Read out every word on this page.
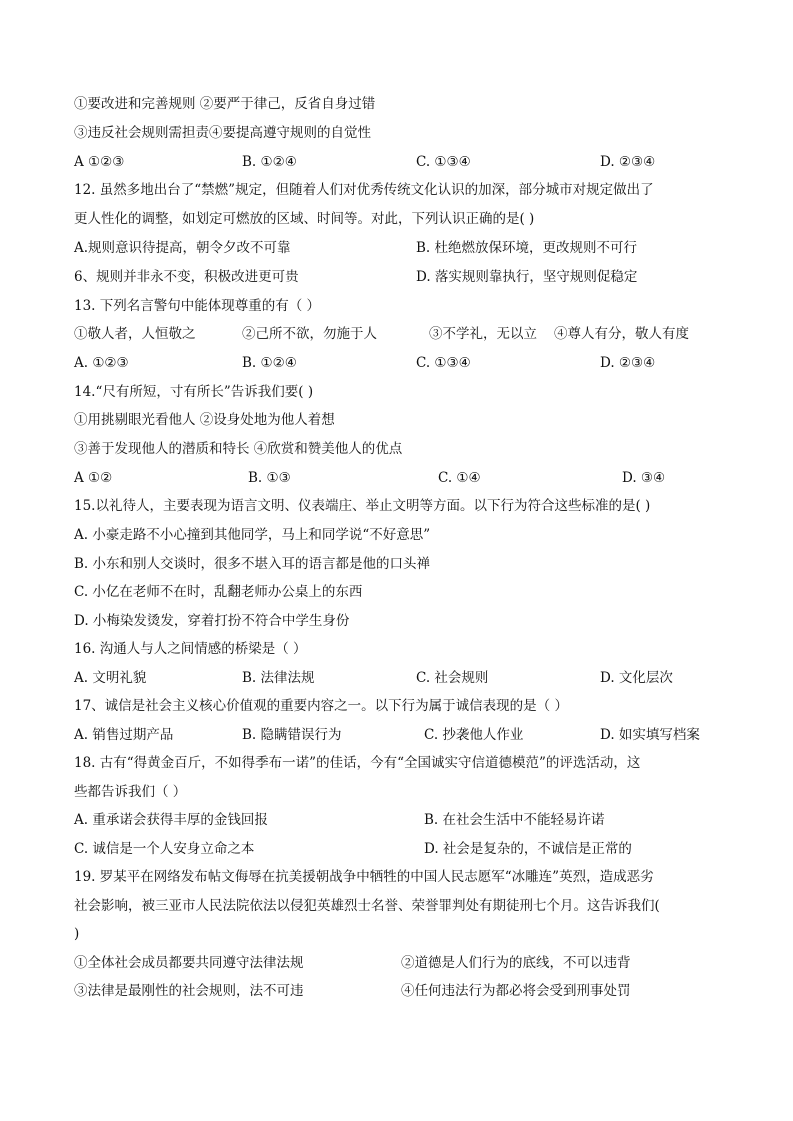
①要改进和完善规则 ②要严于律己，反省自身过错
③违反社会规则需担责④要提高遵守规则的自觉性
A ①②③	B. ①②④	C. ①③④	D. ②③④
12. 虽然多地出台了“禁燃”规定，但随着人们对优秀传统文化认识的加深，部分城市对规定做出了
更人性化的调整，如划定可燃放的区域、时间等。对此，下列认识正确的是( )
A.规则意识待提高，朝令夕改不可靠	B. 杜绝燃放保环境，更改规则不可行
6、规则并非永不变，积极改进更可贵	D. 落实规则靠执行，坚守规则促稳定
13. 下列名言警句中能体现尊重的有（ ）
①敬人者，人恒敬之	②己所不欲，勿施于人	③不学礼，无以立 ④尊人有分，敬人有度
A. ①②③	B. ①②④	C. ①③④	D. ②③④
14.“尺有所短，寸有所长”告诉我们要( )
①用挑剔眼光看他人 ②设身处地为他人着想
③善于发现他人的潜质和特长 ④欣赏和赞美他人的优点
A ①②	B. ①③	C. ①④	D. ③④
15.以礼待人，主要表现为语言文明、仪表端庄、举止文明等方面。以下行为符合这些标准的是( )
A. 小豪走路不小心撞到其他同学，马上和同学说“不好意思”
B. 小东和别人交谈时，很多不堪入耳的语言都是他的口头禅
C. 小亿在老师不在时，乱翻老师办公桌上的东西
D. 小梅染发烫发，穿着打扮不符合中学生身份
16. 沟通人与人之间情感的桥梁是（ ）
A. 文明礼貌	B. 法律法规	C. 社会规则	D. 文化层次
17、诚信是社会主义核心价值观的重要内容之一。以下行为属于诚信表现的是（ ）
A. 销售过期产品	B. 隐瞒错误行为	C. 抄袭他人作业	D. 如实填写档案
18. 古有“得黄金百斤，不如得季布一诺”的佳话，今有“全国诚实守信道德模范”的评选活动，这
些都告诉我们（ ）
A. 重承诺会获得丰厚的金钱回报	B. 在社会生活中不能轻易许诺
C. 诚信是一个人安身立命之本	D. 社会是复杂的，不诚信是正常的
19. 罗某平在网络发布帖文侮辱在抗美援朝战争中牺牲的中国人民志愿军“冰雕连”英烈，造成恶劣
社会影响，被三亚市人民法院依法以侵犯英雄烈士名誉、荣誉罪判处有期徒刑七个月。这告诉我们(
)
①全体社会成员都要共同遵守法律法规	②道德是人们行为的底线，不可以违背
③法律是最刚性的社会规则，法不可违	④任何违法行为都必将会受到刑事处罚
